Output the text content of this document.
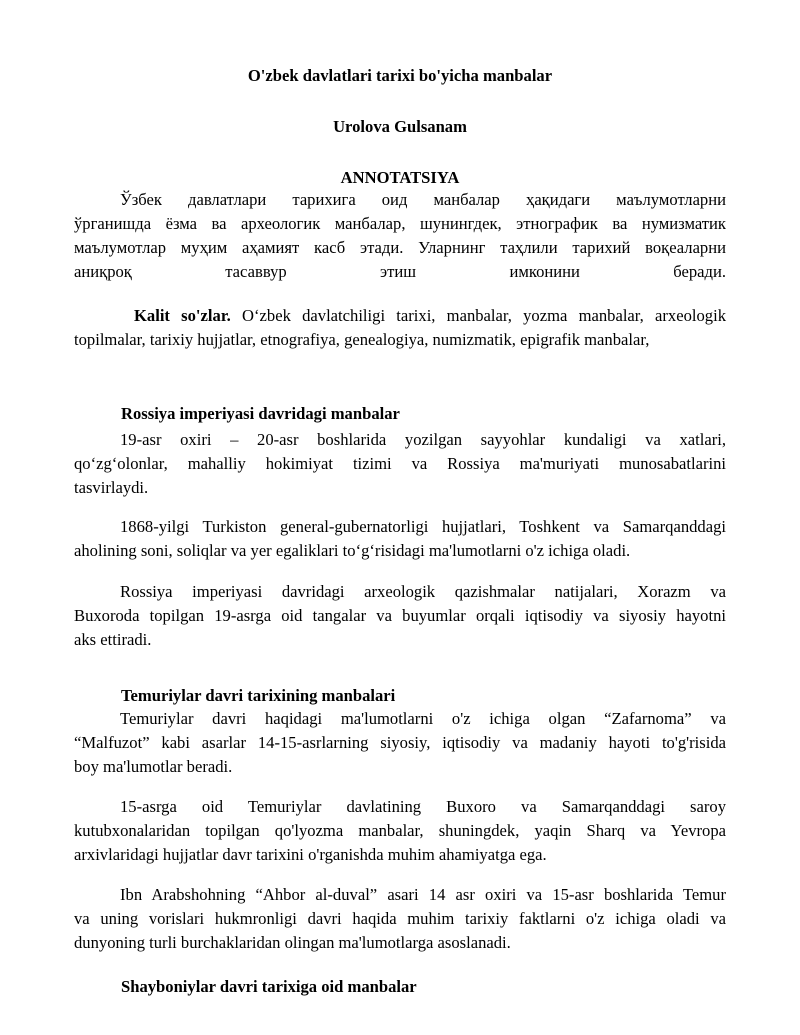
O'zbek davlatlari tarixi bo'yicha manbalar
Urolova Gulsanam
ANNOTATSIYA
Ўзбек давлатлари тарихига оид манбалар ҳақидаги маълумотларни
ўрганишда ёзма ва археологик манбалар, шунингдек, этнографик ва нумизматик
маълумотлар муҳим аҳамият касб этади. Уларнинг таҳлили тарихий воқеаларни
аниқроқ тасаввур этиш имконини беради.
Kalit so'zlar. O‘zbek davlatchiligi tarixi, manbalar, yozma manbalar, arxeologik
topilmalar, tarixiy hujjatlar, etnografiya, genealogiya, numizmatik, epigrafik manbalar,
Rossiya imperiyasi davridagi manbalar
19-asr oxiri – 20-asr boshlarida yozilgan sayyohlar kundaligi va xatlari,
qo‘zg‘olonlar, mahalliy hokimiyat tizimi va Rossiya ma'muriyati munosabatlarini
tasvirlaydi.
1868-yilgi Turkiston general-gubernatorligi hujjatlari, Toshkent va Samarqanddagi
aholining soni, soliqlar va yer egaliklari to‘g‘risidagi ma'lumotlarni o'z ichiga oladi.
Rossiya imperiyasi davridagi arxeologik qazishmalar natijalari, Xorazm va
Buxoroda topilgan 19-asrga oid tangalar va buyumlar orqali iqtisodiy va siyosiy hayotni
aks ettiradi.
Temuriylar davri tarixining manbalari
Temuriylar davri haqidagi ma'lumotlarni o'z ichiga olgan “Zafarnoma” va
“Malfuzot” kabi asarlar 14-15-asrlarning siyosiy, iqtisodiy va madaniy hayoti to'g'risida
boy ma'lumotlar beradi.
15-asrga oid Temuriylar davlatining Buxoro va Samarqanddagi saroy
kutubxonalaridan topilgan qo'lyozma manbalar, shuningdek, yaqin Sharq va Yevropa
arxivlaridagi hujjatlar davr tarixini o'rganishda muhim ahamiyatga ega.
Ibn Arabshohning “Ahbor al-duval” asari 14 asr oxiri va 15-asr boshlarida Temur
va uning vorislari hukmronligi davri haqida muhim tarixiy faktlarni o'z ichiga oladi va
dunyoning turli burchaklaridan olingan ma'lumotlarga asoslanadi.
Shayboniylar davri tarixiga oid manbalar
